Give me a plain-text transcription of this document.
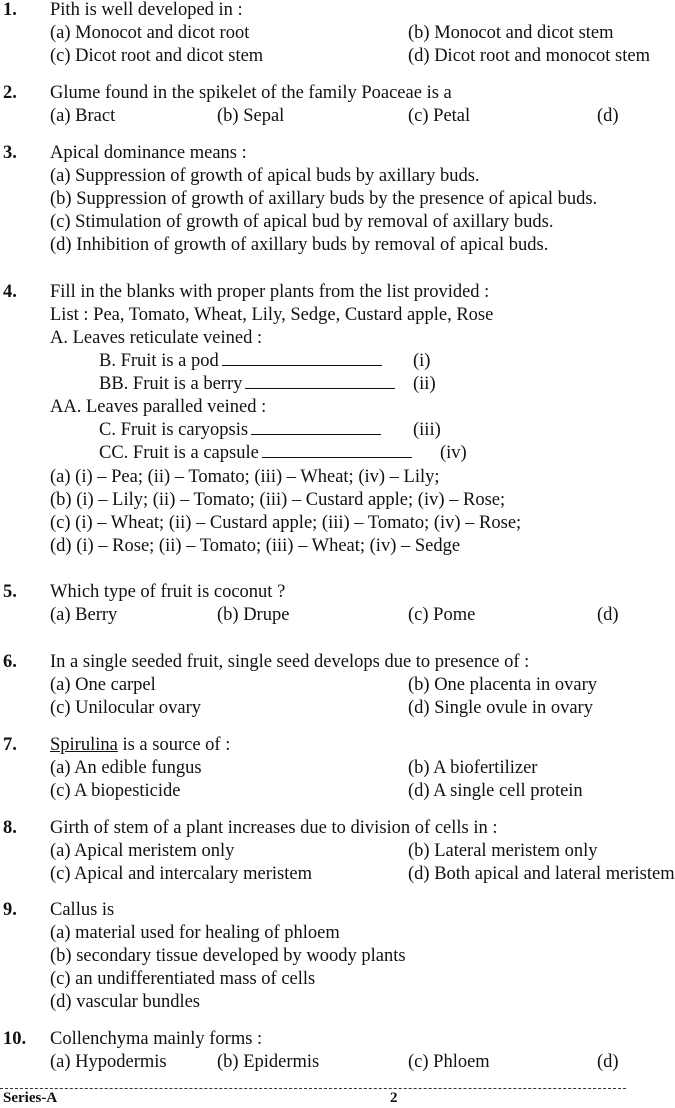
1. Pith is well developed in :
(a) Monocot and dicot root	(b) Monocot and dicot stem
(c) Dicot root and dicot stem	(d) Dicot root and monocot stem
2. Glume found in the spikelet of the family Poaceae is a
(a) Bract	(b) Sepal	(c) Petal	(d)
3. Apical dominance means :
(a) Suppression of growth of apical buds by axillary buds.
(b) Suppression of growth of axillary buds by the presence of apical buds.
(c) Stimulation of growth of apical bud by removal of axillary buds.
(d) Inhibition of growth of axillary buds by removal of apical buds.
4. Fill in the blanks with proper plants from the list provided :
List : Pea, Tomato, Wheat, Lily, Sedge, Custard apple, Rose
A. Leaves reticulate veined :
B. Fruit is a pod	(i)
BB. Fruit is a berry	(ii)
AA. Leaves paralled veined :
C. Fruit is caryopsis	(iii)
CC. Fruit is a capsule	(iv)
(a) (i) – Pea; (ii) – Tomato; (iii) – Wheat; (iv) – Lily;
(b) (i) – Lily; (ii) – Tomato; (iii) – Custard apple; (iv) – Rose;
(c) (i) – Wheat; (ii) – Custard apple; (iii) – Tomato; (iv) – Rose;
(d) (i) – Rose; (ii) – Tomato; (iii) – Wheat; (iv) – Sedge
5. Which type of fruit is coconut ?
(a) Berry	(b) Drupe	(c) Pome	(d)
6. In a single seeded fruit, single seed develops due to presence of :
(a) One carpel	(b) One placenta in ovary
(c) Unilocular ovary	(d) Single ovule in ovary
7. Spirulina is a source of :
(a) An edible fungus	(b) A biofertilizer
(c) A biopesticide	(d) A single cell protein
8. Girth of stem of a plant increases due to division of cells in :
(a) Apical meristem only	(b) Lateral meristem only
(c) Apical and intercalary meristem	(d) Both apical and lateral meristem
9. Callus is
(a) material used for healing of phloem
(b) secondary tissue developed by woody plants
(c) an undifferentiated mass of cells
(d) vascular bundles
10. Collenchyma mainly forms :
(a) Hypodermis	(b) Epidermis	(c) Phloem	(d)
Series-A	2
